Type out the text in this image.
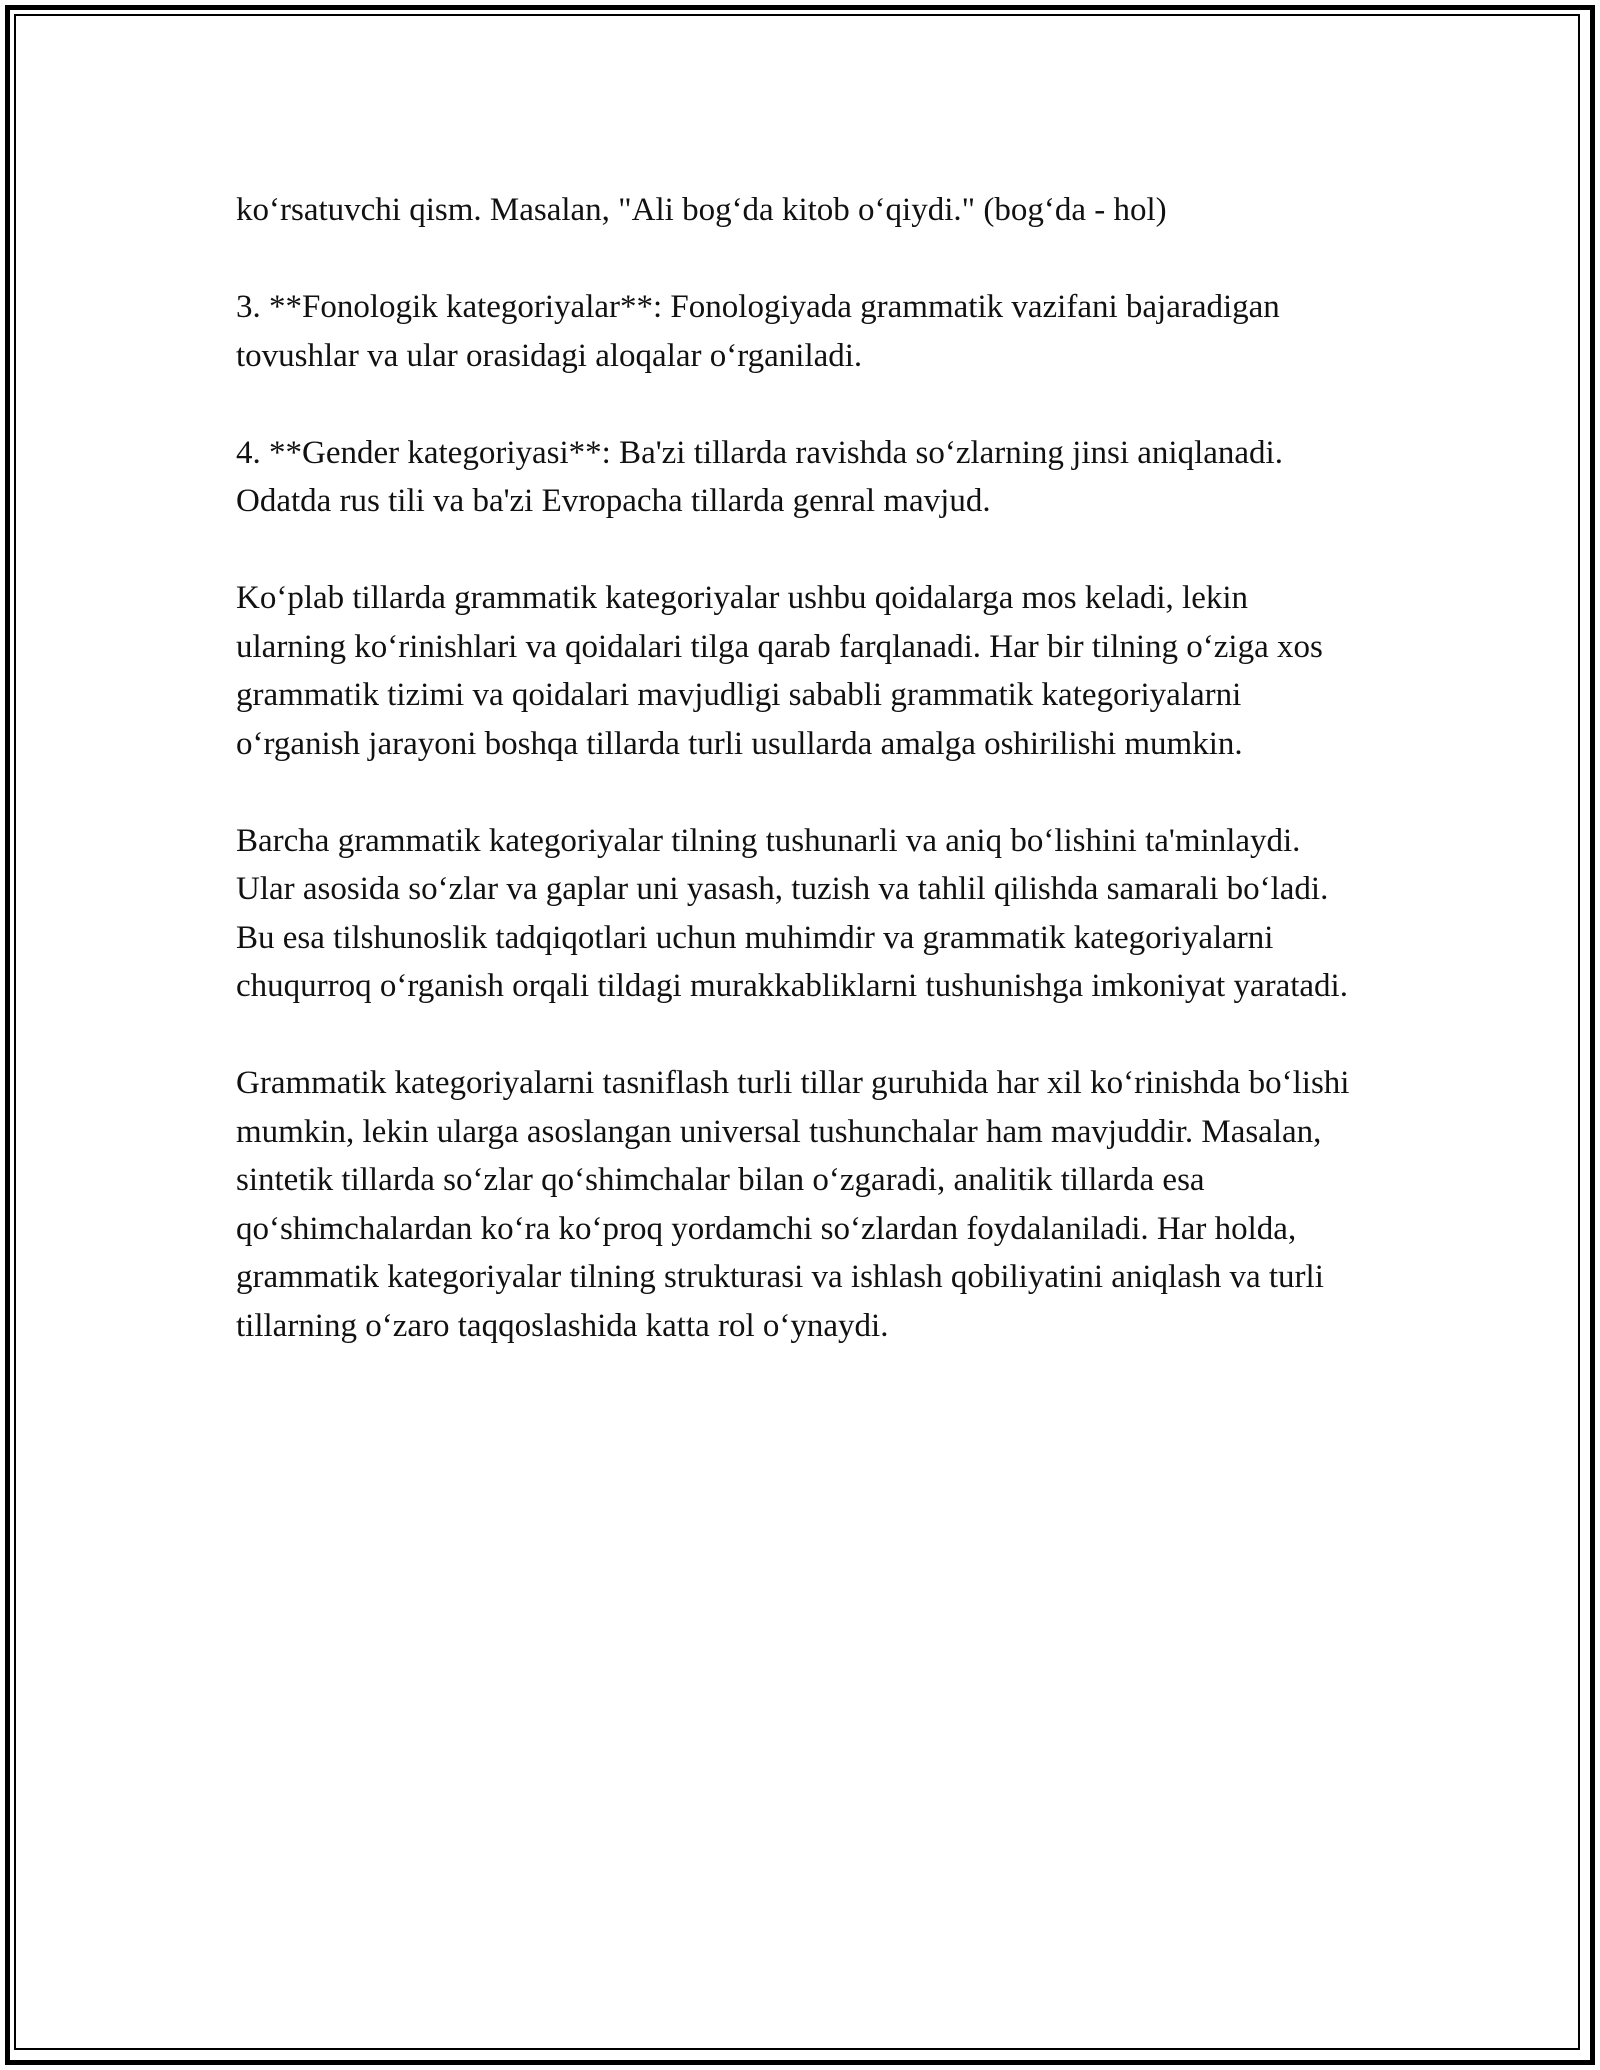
ko‘rsatuvchi qism. Masalan, "Ali bog‘da kitob o‘qiydi." (bog‘da - hol)

3. **Fonologik kategoriyalar**: Fonologiyada grammatik vazifani bajaradigan tovushlar va ular orasidagi aloqalar o‘rganiladi.

4. **Gender kategoriyasi**: Ba'zi tillarda ravishda so‘zlarning jinsi aniqlanadi. Odatda rus tili va ba'zi Evropacha tillarda genral mavjud.

Ko‘plab tillarda grammatik kategoriyalar ushbu qoidalarga mos keladi, lekin ularning ko‘rinishlari va qoidalari tilga qarab farqlanadi. Har bir tilning o‘ziga xos grammatik tizimi va qoidalari mavjudligi sababli grammatik kategoriyalarni o‘rganish jarayoni boshqa tillarda turli usullarda amalga oshirilishi mumkin.

Barcha grammatik kategoriyalar tilning tushunarli va aniq bo‘lishini ta'minlaydi. Ular asosida so‘zlar va gaplar uni yasash, tuzish va tahlil qilishda samarali bo‘ladi. Bu esa tilshunoslik tadqiqotlari uchun muhimdir va grammatik kategoriyalarni chuqurroq o‘rganish orqali tildagi murakkabliklarni tushunishga imkoniyat yaratadi.

Grammatik kategoriyalarni tasniflash turli tillar guruhida har xil ko‘rinishda bo‘lishi mumkin, lekin ularga asoslangan universal tushunchalar ham mavjuddir. Masalan, sintetik tillarda so‘zlar qo‘shimchalar bilan o‘zgaradi, analitik tillarda esa qo‘shimchalardan ko‘ra ko‘proq yordamchi so‘zlardan foydalaniladi. Har holda, grammatik kategoriyalar tilning strukturasi va ishlash qobiliyatini aniqlash va turli tillarning o‘zaro taqqoslashida katta rol o‘ynaydi.
